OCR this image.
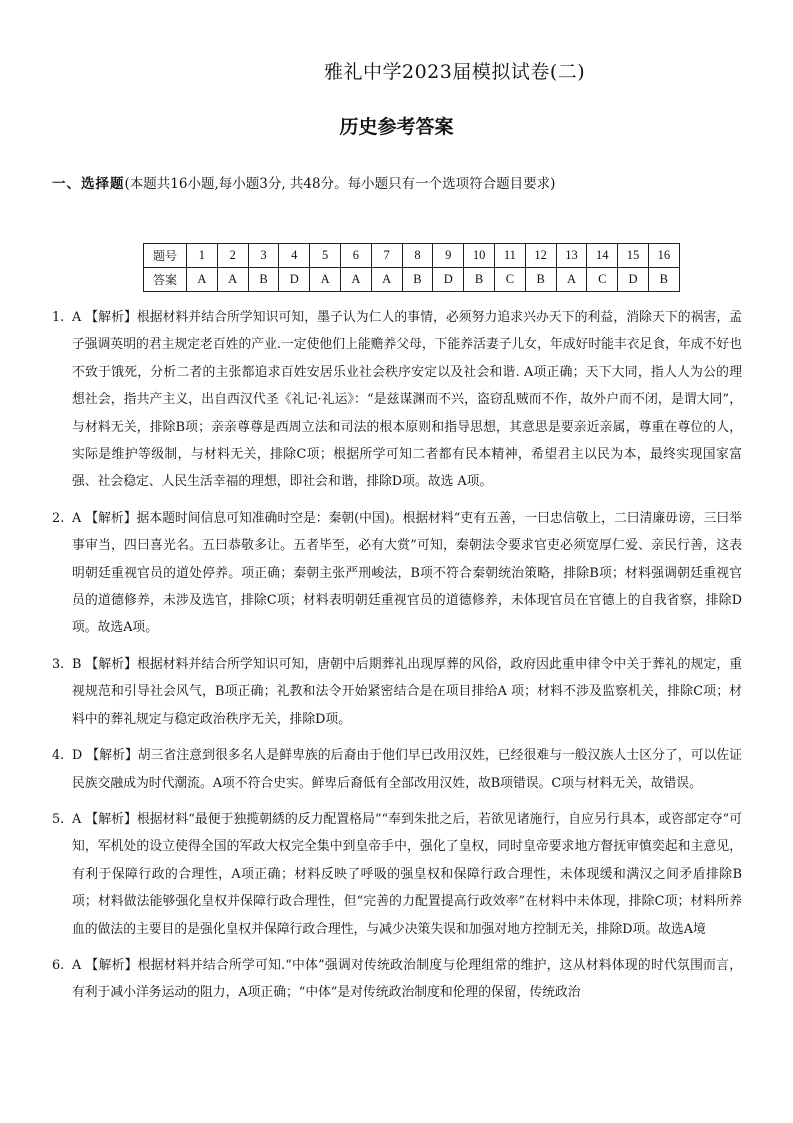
雅礼中学2023届模拟试卷(二)
历史参考答案
一、选择题(本题共16小题,每小题3分, 共48分。每小题只有一个选项符合题目要求)
题号	1	2	3	4	5	6	7	8	9	10	11	12	13	14	15	16
答案	A	A	B	D	A	A	A	B	D	B	C	B	A	C	D	B
1. A 【解析】根据材料并结合所学知识可知，墨子认为仁人的事情，必须努力追求兴办天下的利益，消除天下的祸害，孟子强调英明的君主规定老百姓的产业.一定使他们上能赡养父母，下能养活妻子儿女，年成好时能丰衣足食，年成不好也不致于饿死，分析二者的主张都追求百姓安居乐业社会秩序安定以及社会和谐. A项正确；天下大同，指人人为公的理想社会，指共产主义，出自西汉代圣《礼记·礼运》：“是兹谋渊而不兴，盗窃乱贼而不作，故外户而不闭，是谓大同”，与材料无关，排除B项；亲亲尊尊是西周立法和司法的根本原则和指导思想，其意思是要亲近亲属，尊重在尊位的人，实际是维护等级制，与材料无关，排除C项；根据所学可知二者都有民本精神，希望君主以民为本，最终实现国家富强、社会稳定、人民生活幸福的理想，即社会和谐，排除D项。故选 A项。
2. A 【解析】据本题时间信息可知准确时空是：秦朝(中国)。根据材料“吏有五善，一曰忠信敬上，二曰清廉毋谤，三曰举事审当，四曰喜光名。五曰恭敬多让。五者毕至，必有大赏”可知，秦朝法令要求官吏必须宽厚仁爱、亲民行善，这表明朝廷重视官员的道处停养。项正确；秦朝主张严刑峻法，B项不符合秦朝统治策略，排除B项；材料强调朝廷重视官员的道德修养，未涉及选官，排除C项；材料表明朝廷重视官员的道德修养，未体现官员在官德上的自我省察，排除D项。故选A项。
3. B 【解析】根据材料并结合所学知识可知，唐朝中后期葬礼出现厚葬的风俗，政府因此重申律令中关于葬礼的规定，重视规范和引导社会风气，B项正确；礼教和法令开始紧密结合是在项目排给A 项；材料不涉及监察机关，排除C项；材料中的葬礼规定与稳定政治秩序无关，排除D项。
4. D 【解析】胡三省注意到很多名人是鲜卑族的后裔由于他们早已改用汉姓，已经很难与一般汉族人士区分了，可以佐证民族交融成为时代潮流。A项不符合史实。鲜卑后裔低有全部改用汉姓，故B项错误。C项与材料无关，故错误。
5. A 【解析】根据材料“最便于独揽朝綉的反力配置格局”“奉到朱批之后，若欲见诸施行，自应另行具本，或咨部定夺”可知，军机处的设立使得全国的军政大权完全集中到皇帝手中，强化了皇权，同时皇帝要求地方督抚审慎奕起和主意见，有利于保障行政的合理性，A项正确；材料反映了呼吸的强皇权和保障行政合理性，未体现缓和满汉之间矛盾排除B项；材料做法能够强化皇权并保障行政合理性，但“完善的力配置提高行政效率”在材料中未体现，排除C项；材料所养血的做法的主要目的是强化皇权并保障行政合理性，与减少决策失误和加强对地方控制无关，排除D项。故选A境
6. A 【解析】根据材料并结合所学可知.“中体”强调对传统政治制度与伦理组常的维护，这从材料体现的时代氛围而言，有利于减小洋务运动的阻力，A项正确；“中体”是对传统政治制度和伦理的保留，传统政治
